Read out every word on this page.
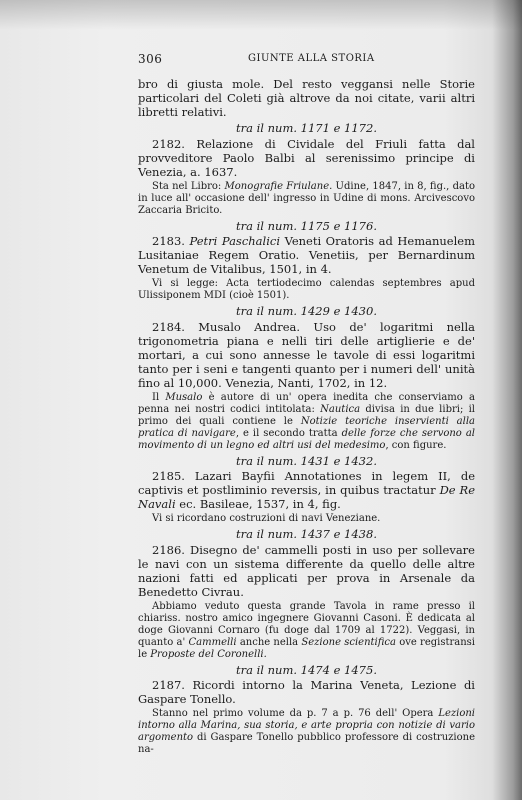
306	GIUNTE ALLA STORIA

bro di giusta mole. Del resto veggansi nelle Storie particolari del Coleti già altrove da noi citate, varii altri libretti relativi.

tra il num. 1171 e 1172.

2182. Relazione di Cividale del Friuli fatta dal provveditore Paolo Balbi al serenissimo principe di Venezia, a. 1637.

Sta nel Libro: Monografie Friulane. Udine, 1847, in 8, fig., dato in luce all' occasione dell' ingresso in Udine di mons. Arcivescovo Zaccaria Bricito.

tra il num. 1175 e 1176.

2183. Petri Paschalici Veneti Oratoris ad Hemanuelem Lusitaniae Regem Oratio. Venetiis, per Bernardinum Venetum de Vitalibus, 1501, in 4.

Vi si legge: Acta tertiodecimo calendas septembres apud Ulissiponem MDI (cioè 1501).

tra il num. 1429 e 1430.

2184. Musalo Andrea. Uso de' logaritmi nella trigonometria piana e nelli tiri delle artiglierie e de' mortari, a cui sono annesse le tavole di essi logaritmi tanto per i seni e tangenti quanto per i numeri dell' unità fino al 10,000. Venezia, Nanti, 1702, in 12.

Il Musalo è autore di un' opera inedita che conserviamo a penna nei nostri codici intitolata: Nautica divisa in due libri; il primo dei quali contiene le Notizie teoriche inservienti alla pratica di navigare, e il secondo tratta delle forze che servono al movimento di un legno ed altri usi del medesimo, con figure.

tra il num. 1431 e 1432.

2185. Lazari Bayfii Annotationes in legem II, de captivis et postliminio reversis, in quibus tractatur De Re Navali ec. Basileae, 1537, in 4, fig.

Vi si ricordano costruzioni di navi Veneziane.

tra il num. 1437 e 1438.

2186. Disegno de' cammelli posti in uso per sollevare le navi con un sistema differente da quello delle altre nazioni fatti ed applicati per prova in Arsenale da Benedetto Civrau.

Abbiamo veduto questa grande Tavola in rame presso il chiariss. nostro amico ingegnere Giovanni Casoni. È dedicata al doge Giovanni Cornaro (fu doge dal 1709 al 1722). Veggasi, in quanto a' Cammelli anche nella Sezione scientifica ove registransi le Proposte del Coronelli.

tra il num. 1474 e 1475.

2187. Ricordi intorno la Marina Veneta, Lezione di Gaspare Tonello.

Stanno nel primo volume da p. 7 a p. 76 dell' Opera Lezioni intorno alla Marina, sua storia, e arte propria con notizie di vario argomento di Gaspare Tonello pubblico professore di costruzione na-
